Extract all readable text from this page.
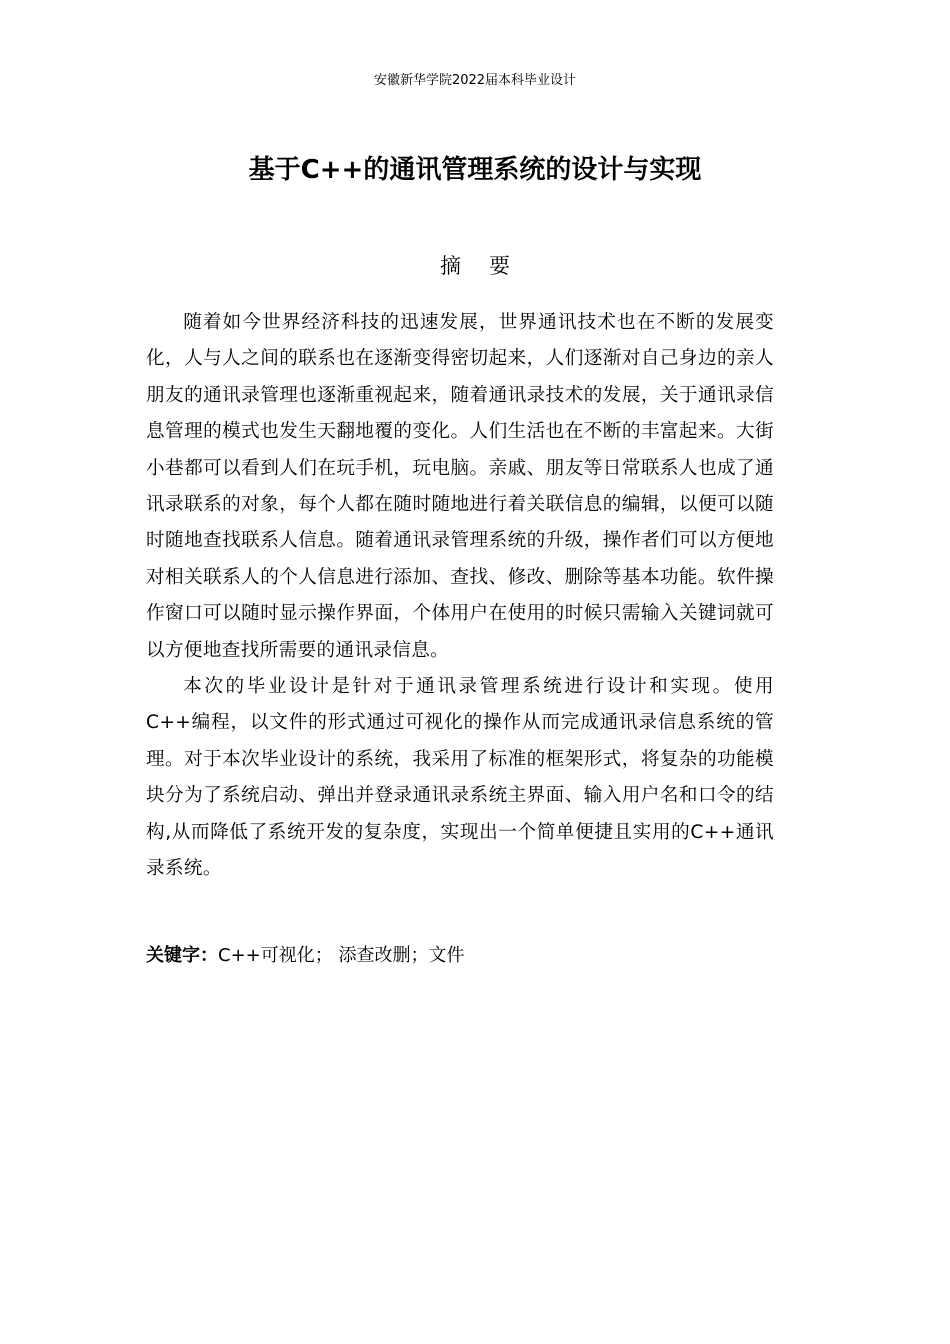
安徽新华学院2022届本科毕业设计
基于C++的通讯管理系统的设计与实现
摘要

随着如今世界经济科技的迅速发展，世界通讯技术也在不断的发展变化，人与人之间的联系也在逐渐变得密切起来，人们逐渐对自己身边的亲人朋友的通讯录管理也逐渐重视起来，随着通讯录技术的发展，关于通讯录信息管理的模式也发生天翻地覆的变化。人们生活也在不断的丰富起来。大街小巷都可以看到人们在玩手机，玩电脑。亲戚、朋友等日常联系人也成了通讯录联系的对象，每个人都在随时随地进行着关联信息的编辑，以便可以随时随地查找联系人信息。随着通讯录管理系统的升级，操作者们可以方便地对相关联系人的个人信息进行添加、查找、修改、删除等基本功能。软件操作窗口可以随时显示操作界面，个体用户在使用的时候只需输入关键词就可以方便地查找所需要的通讯录信息。

本次的毕业设计是针对于通讯录管理系统进行设计和实现。使用C++编程，以文件的形式通过可视化的操作从而完成通讯录信息系统的管理。对于本次毕业设计的系统，我采用了标准的框架形式，将复杂的功能模块分为了系统启动、弹出并登录通讯录系统主界面、输入用户名和口令的结构,从而降低了系统开发的复杂度，实现出一个简单便捷且实用的C++通讯录系统。

关键字：C++可视化； 添查改删；文件
